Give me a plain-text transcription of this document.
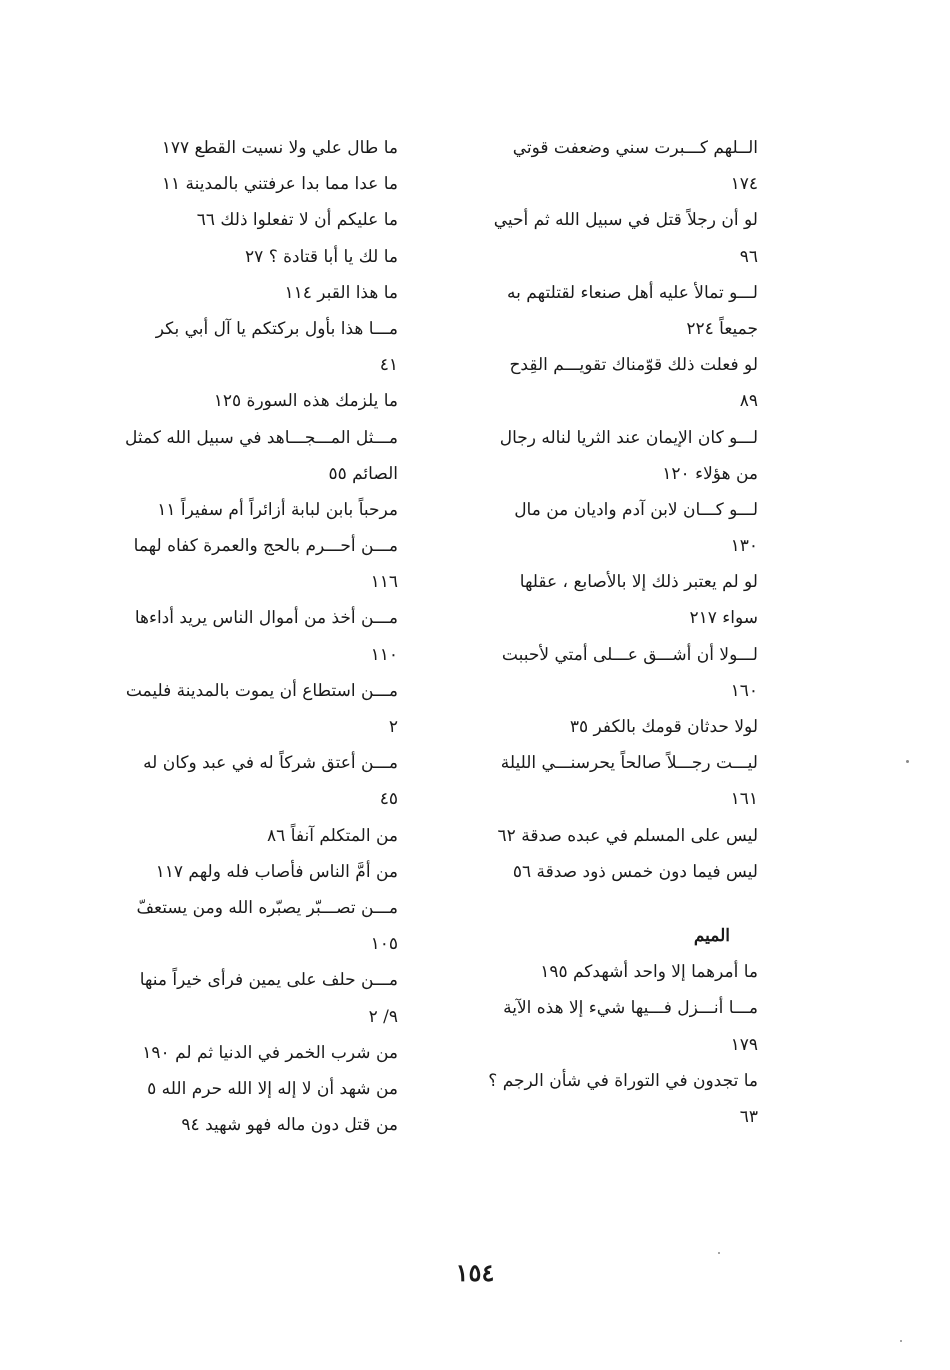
الــلهم كـــبرت سني وضعفت قوتي
١٧٤
لو أن رجلاً قتل في سبيل الله ثم أحيي
٩٦
لـــو تمالأ عليه أهل صنعاء لقتلتهم به
جميعاً ٢٢٤
لو فعلت ذلك قوّمناك تقويـــم القِدح
٨٩
لـــو كان الإيمان عند الثريا لناله رجال
من هؤلاء ١٢٠
لـــو كـــان لابن آدم واديان من مال
١٣٠
لو لم يعتبر ذلك إلا بالأصابع ، عقلها
سواء ٢١٧
لـــولا أن أشـــق عـــلى أمتي لأحببت
١٦٠
لولا حدثان قومك بالكفر ٣٥
ليـــت رجـــلاً صالحاً يحرسنـــي الليلة
١٦١
ليس على المسلم في عبده صدقة ٦٢
ليس فيما دون خمس ذود صدقة ٥٦
الميم
ما أمرهما إلا واحد أشهدكم ١٩٥
مـــا أنـــزل فـــيها شيء إلا هذه الآية
١٧٩
ما تجدون في التوراة في شأن الرجم ؟
٦٣
ما طال علي ولا نسيت القطع ١٧٧
ما عدا مما بدا عرفتني بالمدينة ١١
ما عليكم أن لا تفعلوا ذلك ٦٦
ما لك يا أبا قتادة ؟ ٢٧
ما هذا القبر ١١٤
مـــا هذا بأول بركتكم يا آل أبي بكر
٤١
ما يلزمك هذه السورة ١٢٥
مـــثل المـــجـــاهد في سبيل الله كمثل
الصائم ٥٥
مرحباً بابن لبابة أزائراً أم سفيراً ١١
مـــن أحـــرم بالحج والعمرة كفاه لهما
١١٦
مـــن أخذ من أموال الناس يريد أداءها
١١٠
مـــن استطاع أن يموت بالمدينة فليمت
٢
مـــن أعتق شركاً له في عبد وكان له
٤٥
من المتكلم آنفاً ٨٦
من أمَّ الناس فأصاب فله ولهم ١١٧
مـــن تصـــبّر يصبّره الله ومن يستعفّ
١٠٥
مـــن حلف على يمين فرأى خيراً منها
٩/ ٢
من شرب الخمر في الدنيا ثم لم ١٩٠
من شهد أن لا إله إلا الله حرم الله ٥
من قتل دون ماله فهو شهيد ٩٤
١٥٤
